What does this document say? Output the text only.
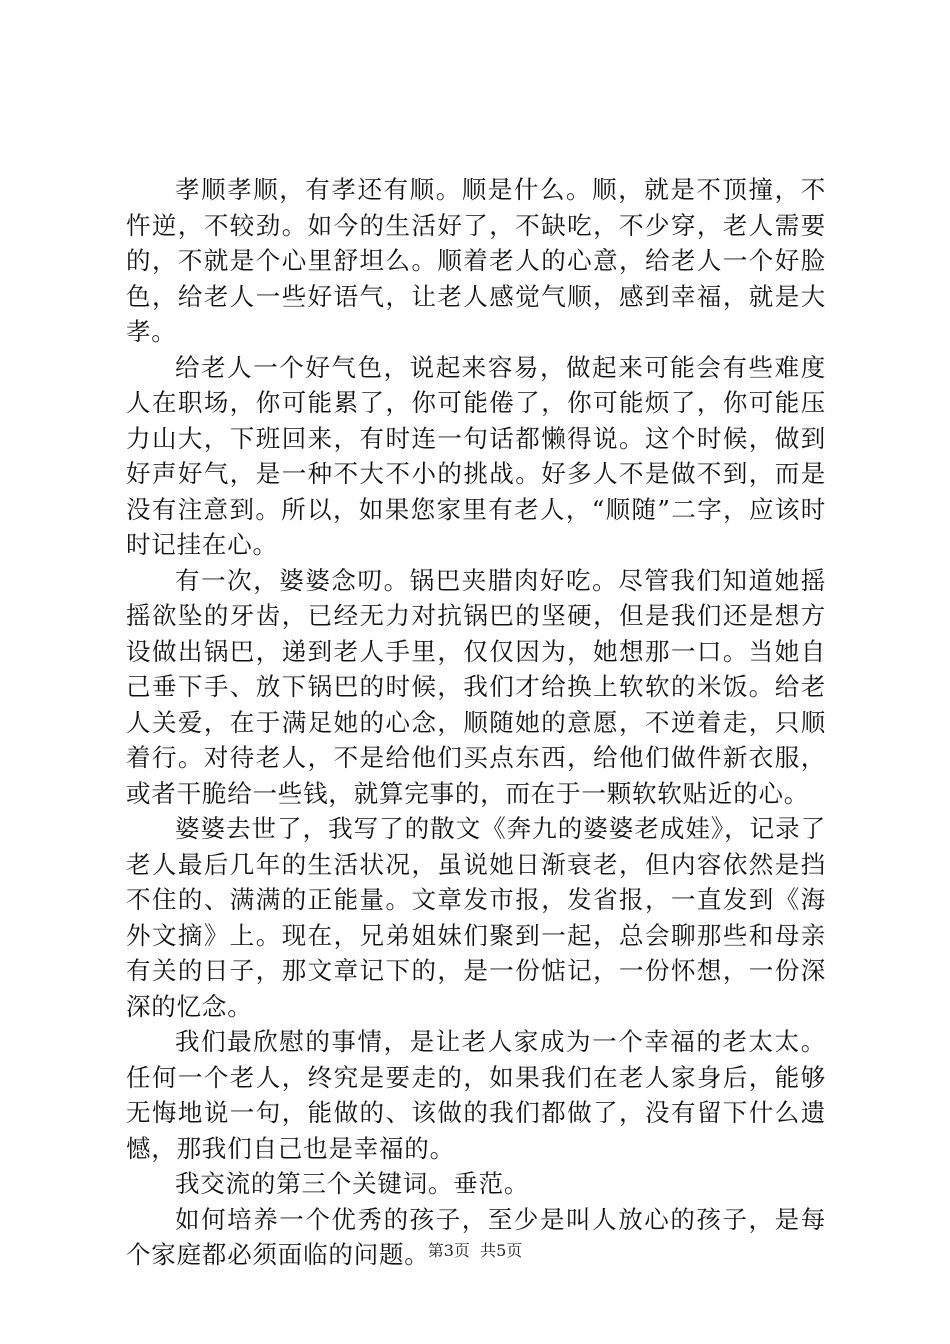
孝顺孝顺，有孝还有顺。顺是什么。顺，就是不顶撞，不忤逆，不较劲。如今的生活好了，不缺吃，不少穿，老人需要的，不就是个心里舒坦么。顺着老人的心意，给老人一个好脸色，给老人一些好语气，让老人感觉气顺，感到幸福，就是大孝。

给老人一个好气色，说起来容易，做起来可能会有些难度人在职场，你可能累了，你可能倦了，你可能烦了，你可能压力山大，下班回来，有时连一句话都懒得说。这个时候，做到好声好气，是一种不大不小的挑战。好多人不是做不到，而是没有注意到。所以，如果您家里有老人，“顺随”二字，应该时时记挂在心。

有一次，婆婆念叨。锅巴夹腊肉好吃。尽管我们知道她摇摇欲坠的牙齿，已经无力对抗锅巴的坚硬，但是我们还是想方设做出锅巴，递到老人手里，仅仅因为，她想那一口。当她自己垂下手、放下锅巴的时候，我们才给换上软软的米饭。给老人关爱，在于满足她的心念，顺随她的意愿，不逆着走，只顺着行。对待老人，不是给他们买点东西，给他们做件新衣服，或者干脆给一些钱，就算完事的，而在于一颗软软贴近的心。

婆婆去世了，我写了的散文《奔九的婆婆老成娃》，记录了老人最后几年的生活状况，虽说她日渐衰老，但内容依然是挡不住的、满满的正能量。文章发市报，发省报，一直发到《海外文摘》上。现在，兄弟姐妹们聚到一起，总会聊那些和母亲有关的日子，那文章记下的，是一份惦记，一份怀想，一份深深的忆念。

我们最欣慰的事情，是让老人家成为一个幸福的老太太。任何一个老人，终究是要走的，如果我们在老人家身后，能够无悔地说一句，能做的、该做的我们都做了，没有留下什么遗憾，那我们自己也是幸福的。

我交流的第三个关键词。垂范。

如何培养一个优秀的孩子，至少是叫人放心的孩子，是每个家庭都必须面临的问题。

第3页  共5页
